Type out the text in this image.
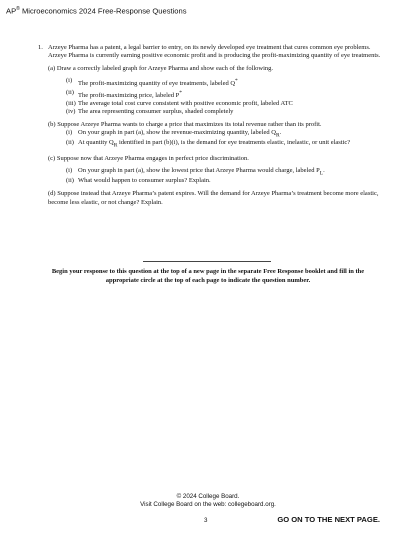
AP® Microeconomics 2024 Free-Response Questions
1. Arzeye Pharma has a patent, a legal barrier to entry, on its newly developed eye treatment that cures common eye problems. Arzeye Pharma is currently earning positive economic profit and is producing the profit-maximizing quantity of eye treatments.
(a) Draw a correctly labeled graph for Arzeye Pharma and show each of the following.
(i) The profit-maximizing quantity of eye treatments, labeled Q*
(ii) The profit-maximizing price, labeled P*
(iii) The average total cost curve consistent with positive economic profit, labeled ATC
(iv) The area representing consumer surplus, shaded completely
(b) Suppose Arzeye Pharma wants to charge a price that maximizes its total revenue rather than its profit.
(i) On your graph in part (a), show the revenue-maximizing quantity, labeled $Q_R$.
(ii) At quantity $Q_R$ identified in part (b)(i), is the demand for eye treatments elastic, inelastic, or unit elastic?
(c) Suppose now that Arzeye Pharma engages in perfect price discrimination.
(i) On your graph in part (a), show the lowest price that Arzeye Pharma would charge, labeled $P_L$.
(ii) What would happen to consumer surplus? Explain.
(d) Suppose instead that Arzeye Pharma’s patent expires. Will the demand for Arzeye Pharma’s treatment become more elastic, become less elastic, or not change? Explain.
Begin your response to this question at the top of a new page in the separate Free Response booklet and fill in the appropriate circle at the top of each page to indicate the question number.
© 2024 College Board.
Visit College Board on the web: collegeboard.org.
3	GO ON TO THE NEXT PAGE.
